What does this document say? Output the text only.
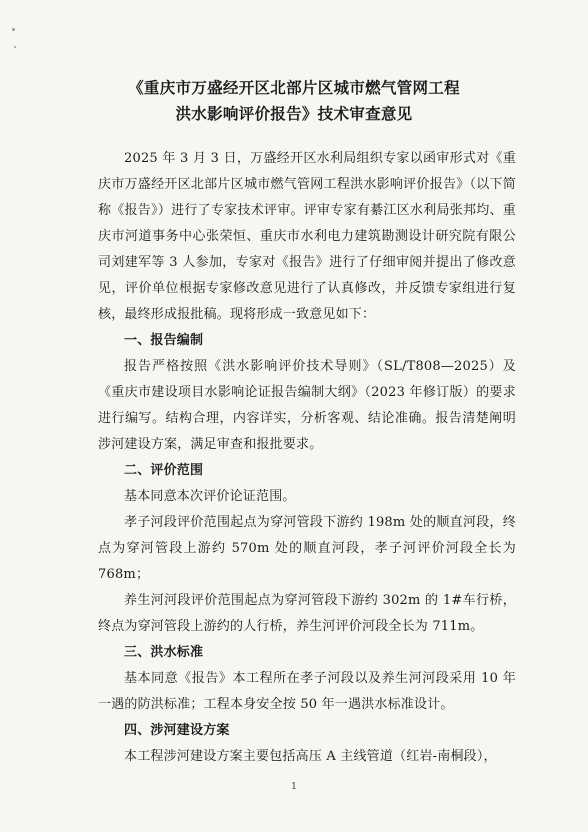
《重庆市万盛经开区北部片区城市燃气管网工程
洪水影响评价报告》技术审查意见

2025 年 3 月 3 日，万盛经开区水利局组织专家以函审形式对《重庆市万盛经开区北部片区城市燃气管网工程洪水影响评价报告》（以下简称《报告》）进行了专家技术评审。评审专家有綦江区水利局张邦均、重庆市河道事务中心张荣恒、重庆市水利电力建筑勘测设计研究院有限公司刘建军等 3 人参加，专家对《报告》进行了仔细审阅并提出了修改意见，评价单位根据专家修改意见进行了认真修改，并反馈专家组进行复核，最终形成报批稿。现将形成一致意见如下：

一、报告编制

报告严格按照《洪水影响评价技术导则》（SL/T808—2025）及《重庆市建设项目水影响论证报告编制大纲》（2023 年修订版）的要求进行编写。结构合理，内容详实，分析客观、结论准确。报告清楚阐明涉河建设方案，满足审查和报批要求。

二、评价范围

基本同意本次评价论证范围。

孝子河段评价范围起点为穿河管段下游约 198m 处的顺直河段，终点为穿河管段上游约 570m 处的顺直河段，孝子河评价河段全长为 768m；

养生河河段评价范围起点为穿河管段下游约 302m 的 1#车行桥，终点为穿河管段上游约的人行桥，养生河评价河段全长为 711m。

三、洪水标准

基本同意《报告》本工程所在孝子河段以及养生河河段采用 10 年一遇的防洪标准；工程本身安全按 50 年一遇洪水标准设计。

四、涉河建设方案

本工程涉河建设方案主要包括高压 A 主线管道（红岩-南桐段），

1
